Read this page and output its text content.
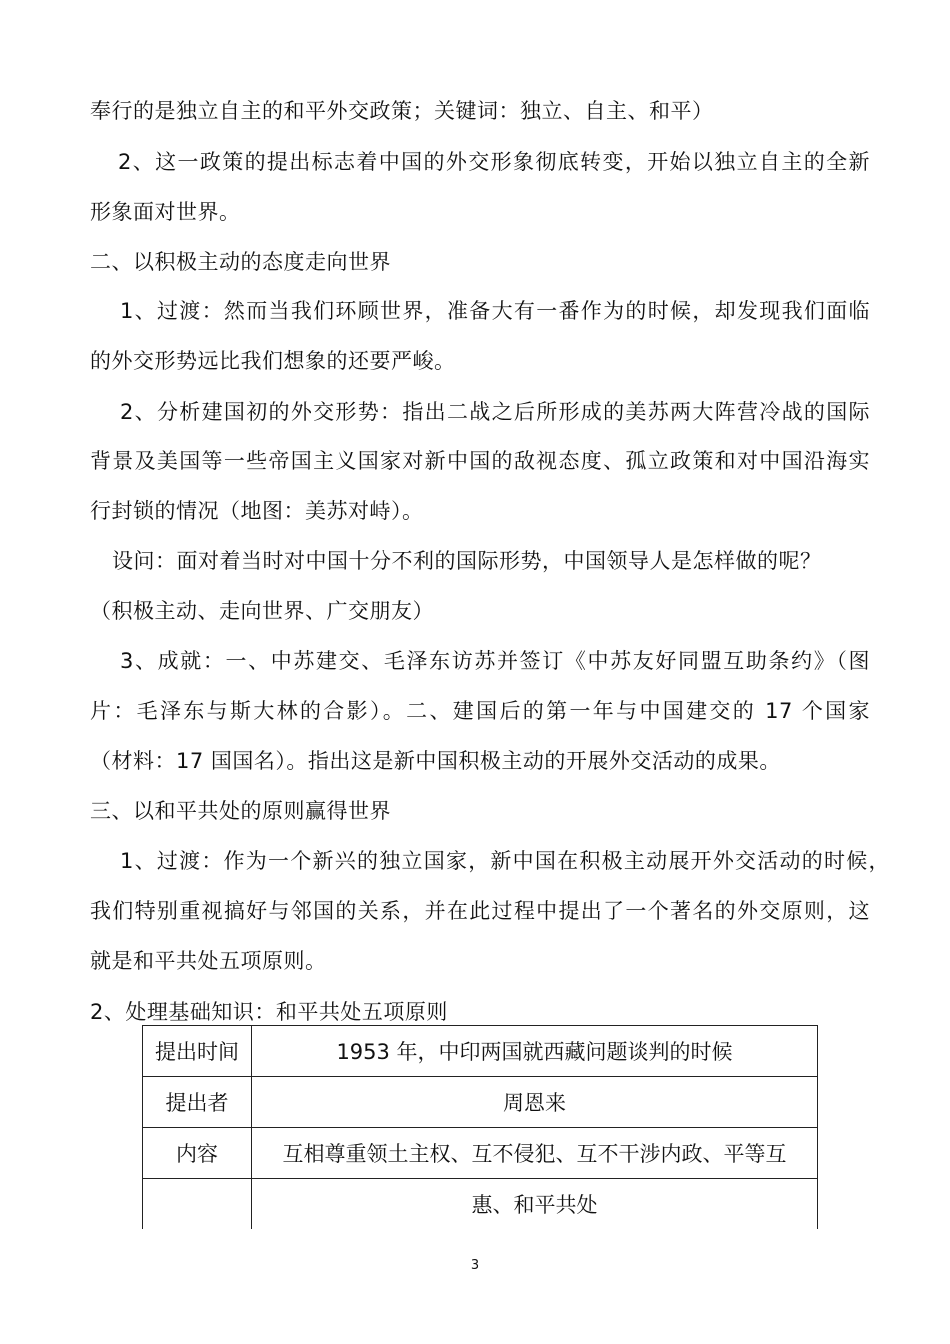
奉行的是独立自主的和平外交政策；关键词：独立、自主、和平）
2、这一政策的提出标志着中国的外交形象彻底转变，开始以独立自主的全新
形象面对世界。
二、以积极主动的态度走向世界
1、过渡：然而当我们环顾世界，准备大有一番作为的时候，却发现我们面临
的外交形势远比我们想象的还要严峻。
2、分析建国初的外交形势：指出二战之后所形成的美苏两大阵营冷战的国际
背景及美国等一些帝国主义国家对新中国的敌视态度、孤立政策和对中国沿海实
行封锁的情况（地图：美苏对峙）。
设问：面对着当时对中国十分不利的国际形势，中国领导人是怎样做的呢？
（积极主动、走向世界、广交朋友）
3、成就：一、中苏建交、毛泽东访苏并签订《中苏友好同盟互助条约》（图
片：毛泽东与斯大林的合影）。二、建国后的第一年与中国建交的 17 个国家
（材料：17 国国名）。指出这是新中国积极主动的开展外交活动的成果。
三、以和平共处的原则赢得世界
1、过渡：作为一个新兴的独立国家，新中国在积极主动展开外交活动的时候，
我们特别重视搞好与邻国的关系，并在此过程中提出了一个著名的外交原则，这
就是和平共处五项原则。
2、处理基础知识：和平共处五项原则
提出时间	1953 年，中印两国就西藏问题谈判的时候
提出者	周恩来
内容	互相尊重领土主权、互不侵犯、互不干涉内政、平等互
	惠、和平共处
3
